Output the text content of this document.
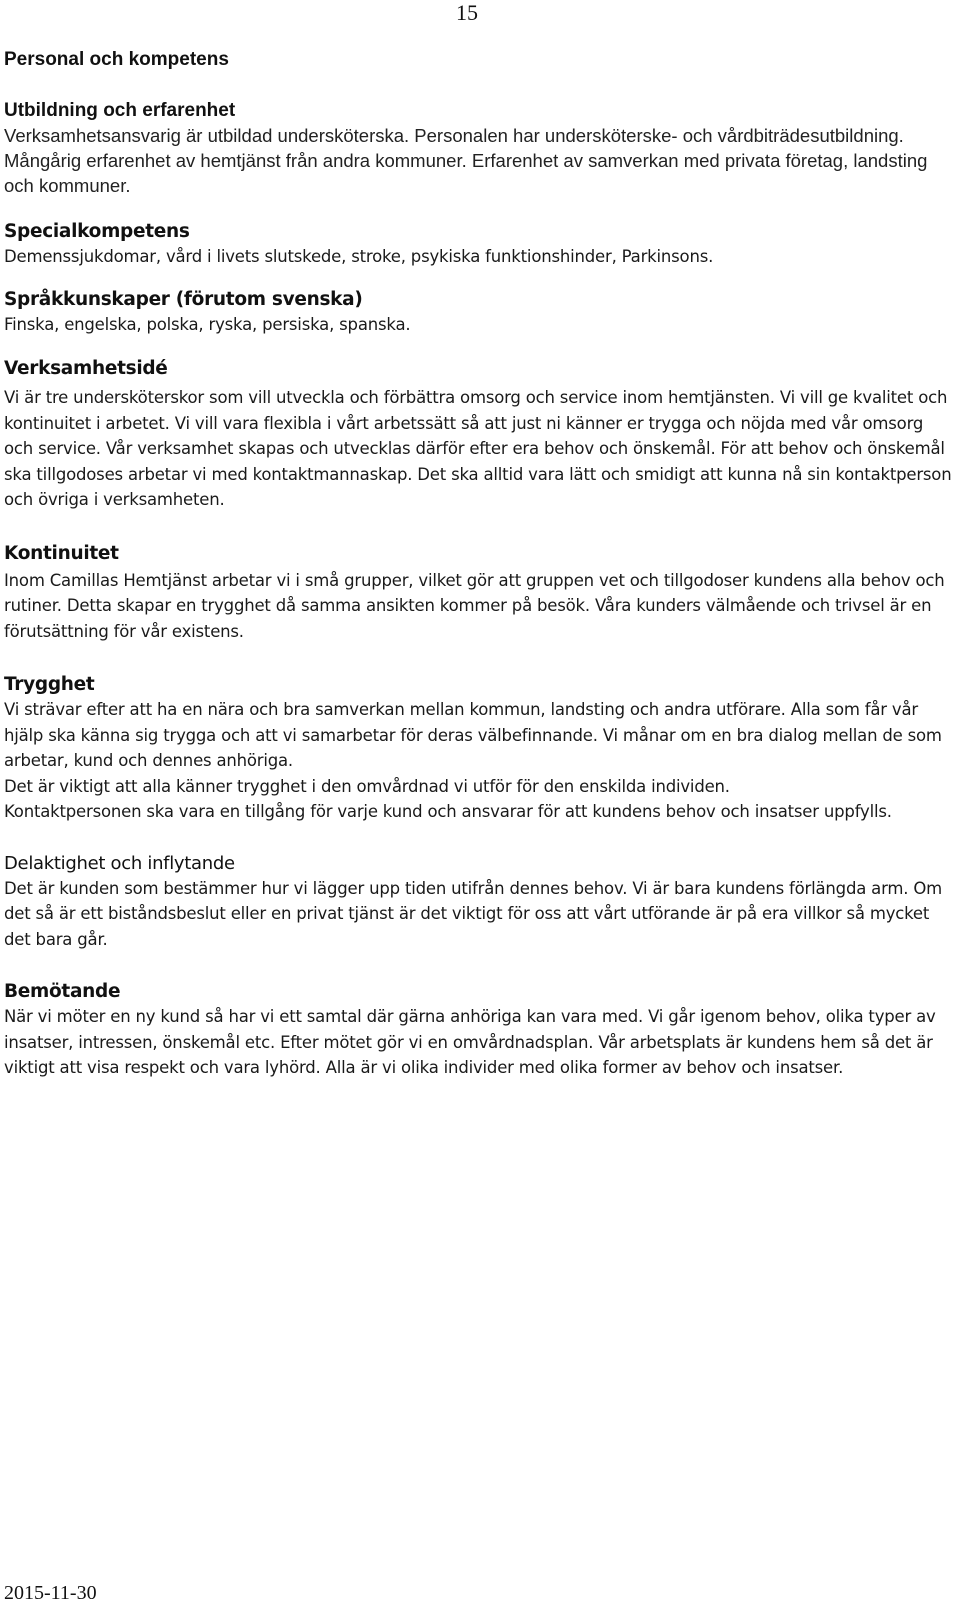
15
Personal och kompetens
Utbildning och erfarenhet
Verksamhetsansvarig är utbildad undersköterska. Personalen har undersköterske- och vårdbiträdesutbildning. Mångårig erfarenhet av hemtjänst från andra kommuner. Erfarenhet av samverkan med privata företag, landsting och kommuner.
Specialkompetens
Demenssjukdomar, vård i livets slutskede, stroke, psykiska funktionshinder, Parkinsons.
Språkkunskaper (förutom svenska)
Finska, engelska, polska, ryska, persiska, spanska.
Verksamhetsidé
Vi är tre undersköterskor som vill utveckla och förbättra omsorg och service inom hemtjänsten. Vi vill ge kvalitet och kontinuitet i arbetet. Vi vill vara flexibla i vårt arbetssätt så att just ni känner er trygga och nöjda med vår omsorg och service. Vår verksamhet skapas och utvecklas därför efter era behov och önskemål. För att behov och önskemål ska tillgodoses arbetar vi med kontaktmannaskap. Det ska alltid vara lätt och smidigt att kunna nå sin kontaktperson och övriga i verksamheten.
Kontinuitet
Inom Camillas Hemtjänst arbetar vi i små grupper, vilket gör att gruppen vet och tillgodoser kundens alla behov och rutiner. Detta skapar en trygghet då samma ansikten kommer på besök. Våra kunders välmående och trivsel är en förutsättning för vår existens.
Trygghet
Vi strävar efter att ha en nära och bra samverkan mellan kommun, landsting och andra utförare. Alla som får vår hjälp ska känna sig trygga och att vi samarbetar för deras välbefinnande. Vi månar om en bra dialog mellan de som arbetar, kund och dennes anhöriga.
Det är viktigt att alla känner trygghet i den omvårdnad vi utför för den enskilda individen.
Kontaktpersonen ska vara en tillgång för varje kund och ansvarar för att kundens behov och insatser uppfylls.
Delaktighet och inflytande
Det är kunden som bestämmer hur vi lägger upp tiden utifrån dennes behov. Vi är bara kundens förlängda arm. Om det så är ett biståndsbeslut eller en privat tjänst är det viktigt för oss att vårt utförande är på era villkor så mycket det bara går.
Bemötande
När vi möter en ny kund så har vi ett samtal där gärna anhöriga kan vara med. Vi går igenom behov, olika typer av insatser, intressen, önskemål etc. Efter mötet gör vi en omvårdnadsplan. Vår arbetsplats är kundens hem så det är viktigt att visa respekt och vara lyhörd. Alla är vi olika individer med olika former av behov och insatser.
2015-11-30
